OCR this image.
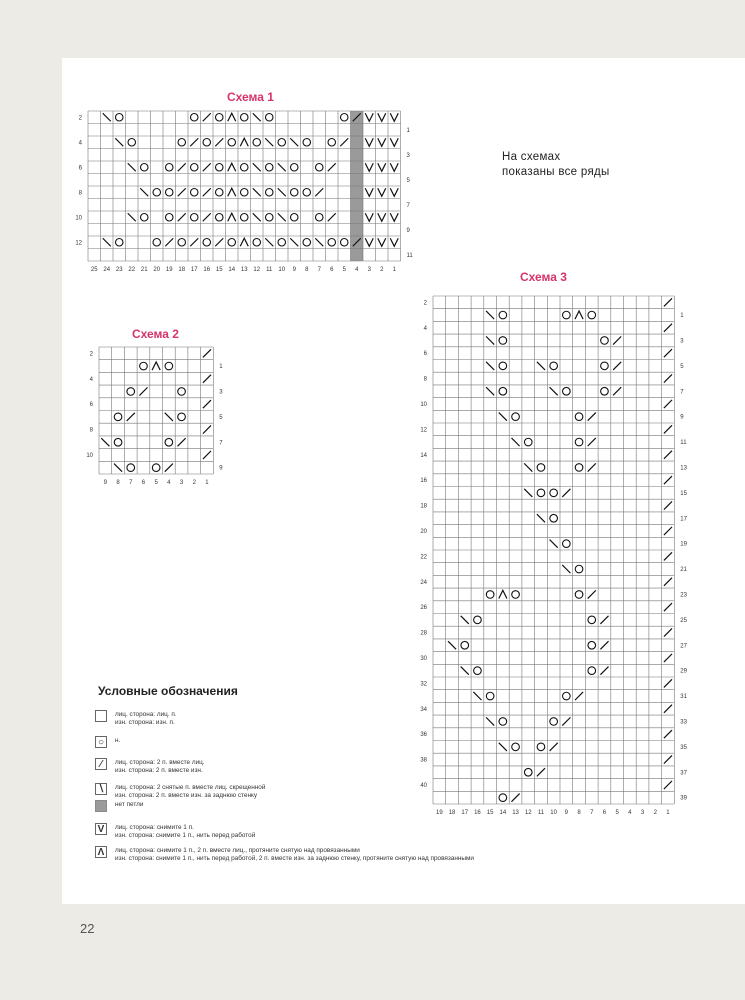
Схема 1
Схема 2
Схема 3
На схемах
показаны все ряды
Условные обозначения
лиц. сторона: лиц. п.
изн. сторона: изн. п.
○	н.
⁄	лиц. сторона: 2 п. вместе лиц.
изн. сторона: 2 п. вместе изн.
∖	лиц. сторона: 2 снятые п. вместе лиц. скрещенной
изн. сторона: 2 п. вместе изн. за заднюю стенку
нет петли
V	лиц. сторона: снимите 1 п.
изн. сторона: снимите 1 п., нить перед работой
Λ	лиц. сторона: снимите 1 п., 2 п. вместе лиц., протяните снятую над провязанными
изн. сторона: снимите 1 п., нить перед работой, 2 п. вместе изн. за заднюю стенку, протяните снятую над провязанными
25 24 23 22 21 20 19 18 17 16 15 14 13 12 11 10 9 8 7 6 5 4 3 2 1
12
10
8
6
4
2
11
9
7
5
3
1
9 8 7 6 5 4 3 2 1
10
8
6
4
2
9
7
5
3
1
19 18 17 16 15 14 13 12 11 10 9 8 7 6 5 4 3 2 1
40
38
36
34
32
30
28
26
24
22
20
18
16
14
12
10
8
6
4
2
39
37
35
33
31
29
27
25
23
21
19
17
15
13
11
9
7
5
3
1
22
